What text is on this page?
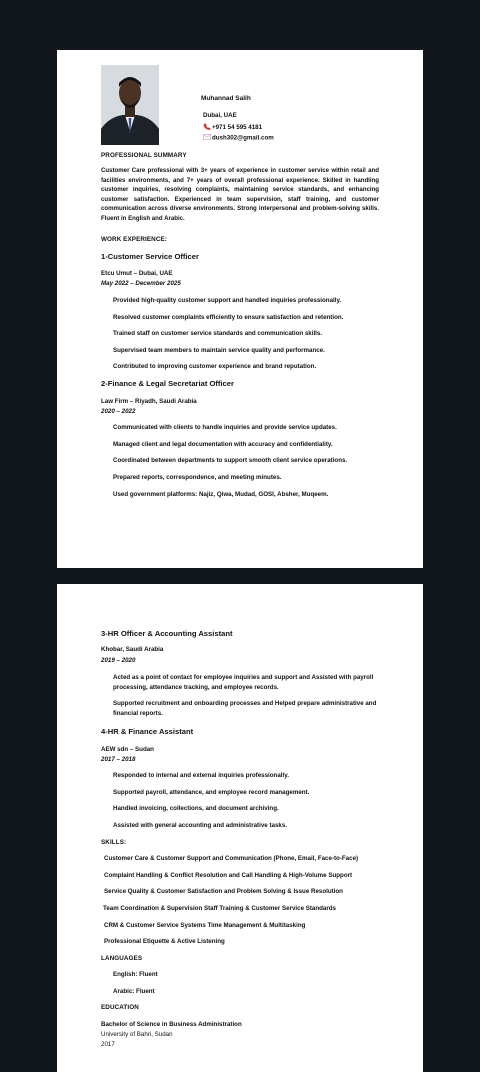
Muhannad Salih
Dubai, UAE
+971 54 595 4181
dush302@gmail.com
PROFESSIONAL SUMMARY
Customer Care professional with 3+ years of experience in customer service within retail and facilities environments, and 7+ years of overall professional experience. Skilled in handling customer inquiries, resolving complaints, maintaining service standards, and enhancing customer satisfaction. Experienced in team supervision, staff training, and customer communication across diverse environments. Strong interpersonal and problem-solving skills. Fluent in English and Arabic.
WORK EXPERIENCE:
1-Customer Service Officer
Etcu Umut – Dubai, UAE
May 2022 – December 2025
Provided high-quality customer support and handled inquiries professionally.
Resolved customer complaints efficiently to ensure satisfaction and retention.
Trained staff on customer service standards and communication skills.
Supervised team members to maintain service quality and performance.
Contributed to improving customer experience and brand reputation.
2-Finance & Legal Secretariat Officer
Law Firm – Riyadh, Saudi Arabia
2020 – 2022
Communicated with clients to handle inquiries and provide service updates.
Managed client and legal documentation with accuracy and confidentiality.
Coordinated between departments to support smooth client service operations.
Prepared reports, correspondence, and meeting minutes.
Used government platforms: Najiz, Qiwa, Mudad, GOSI, Absher, Muqeem.
3-HR Officer & Accounting Assistant
Khobar, Saudi Arabia
2019 – 2020
Acted as a point of contact for employee inquiries and support and Assisted with payroll processing, attendance tracking, and employee records.
Supported recruitment and onboarding processes and Helped prepare administrative and financial reports.
4-HR & Finance Assistant
AEW sdn – Sudan
2017 – 2018
Responded to internal and external inquiries professionally.
Supported payroll, attendance, and employee record management.
Handled invoicing, collections, and document archiving.
Assisted with general accounting and administrative tasks.
SKILLS:
Customer Care & Customer Support and Communication (Phone, Email, Face-to-Face)
Complaint Handling & Conflict Resolution and Call Handling & High-Volume Support
Service Quality & Customer Satisfaction and Problem Solving & Issue Resolution
Team Coordination & Supervision Staff Training & Customer Service Standards
CRM & Customer Service Systems Time Management & Multitasking
Professional Etiquette & Active Listening
LANGUAGES
English: Fluent
Arabic: Fluent
EDUCATION
Bachelor of Science in Business Administration
University of Bahri, Sudan
2017
